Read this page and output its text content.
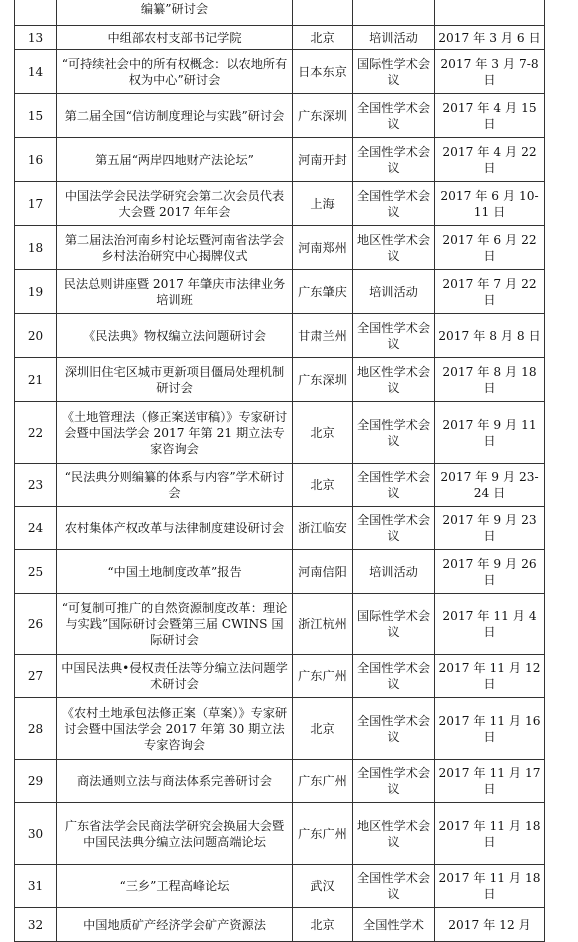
	编纂”研讨会			
13	中组部农村支部书记学院	北京	培训活动	2017 年 3 月 6 日
14	“可持续社会中的所有权概念：以农地所有权为中心”研讨会	日本东京	国际性学术会议	2017 年 3 月 7-8 日
15	第二届全国“信访制度理论与实践”研讨会	广东深圳	全国性学术会议	2017 年 4 月 15 日
16	第五届“两岸四地财产法论坛”	河南开封	全国性学术会议	2017 年 4 月 22 日
17	中国法学会民法学研究会第二次会员代表大会暨 2017 年年会	上海	全国性学术会议	2017 年 6 月 10-11 日
18	第二届法治河南乡村论坛暨河南省法学会乡村法治研究中心揭牌仪式	河南郑州	地区性学术会议	2017 年 6 月 22 日
19	民法总则讲座暨 2017 年肇庆市法律业务培训班	广东肇庆	培训活动	2017 年 7 月 22 日
20	《民法典》物权编立法问题研讨会	甘肃兰州	全国性学术会议	2017 年 8 月 8 日
21	深圳旧住宅区城市更新项目僵局处理机制研讨会	广东深圳	地区性学术会议	2017 年 8 月 18 日
22	《土地管理法（修正案送审稿）》专家研讨会暨中国法学会 2017 年第 21 期立法专家咨询会	北京	全国性学术会议	2017 年 9 月 11 日
23	“民法典分则编纂的体系与内容”学术研讨会	北京	全国性学术会议	2017 年 9 月 23-24 日
24	农村集体产权改革与法律制度建设研讨会	浙江临安	全国性学术会议	2017 年 9 月 23 日
25	“中国土地制度改革”报告	河南信阳	培训活动	2017 年 9 月 26 日
26	“可复制可推广的自然资源制度改革：理论与实践”国际研讨会暨第三届 CWINS 国际研讨会	浙江杭州	国际性学术会议	2017 年 11 月 4 日
27	中国民法典•侵权责任法等分编立法问题学术研讨会	广东广州	全国性学术会议	2017 年 11 月 12 日
28	《农村土地承包法修正案（草案）》专家研讨会暨中国法学会 2017 年第 30 期立法专家咨询会	北京	全国性学术会议	2017 年 11 月 16 日
29	商法通则立法与商法体系完善研讨会	广东广州	全国性学术会议	2017 年 11 月 17 日
30	广东省法学会民商法学研究会换届大会暨中国民法典分编立法问题高端论坛	广东广州	地区性学术会议	2017 年 11 月 18 日
31	“三乡”工程高峰论坛	武汉	全国性学术会议	2017 年 11 月 18 日
32	中国地质矿产经济学会矿产资源法	北京	全国性学术	2017 年 12 月
